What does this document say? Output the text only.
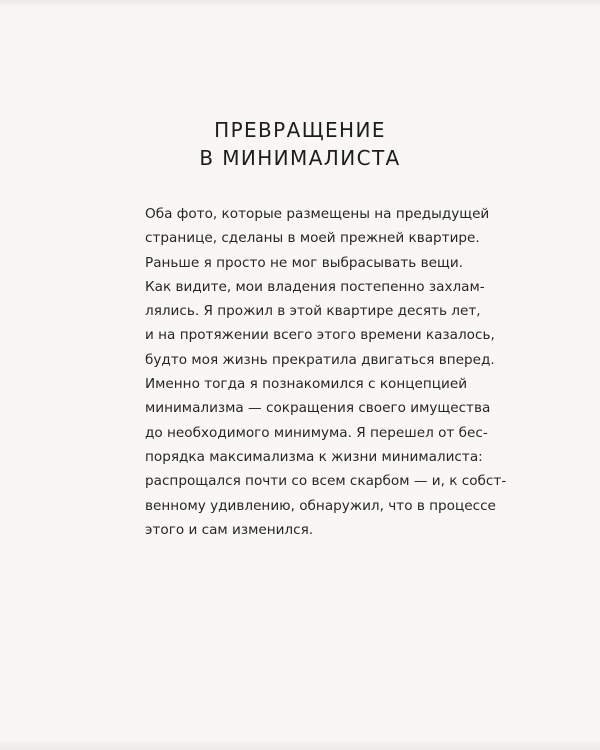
ПРЕВРАЩЕНИЕ
В МИНИМАЛИСТА
Оба фото, которые размещены на предыдущей
странице, сделаны в моей прежней квартире.
Раньше я просто не мог выбрасывать вещи.
Как видите, мои владения постепенно захлам-
лялись. Я прожил в этой квартире десять лет,
и на протяжении всего этого времени казалось,
будто моя жизнь прекратила двигаться вперед.
Именно тогда я познакомился с концепцией
минимализма — сокращения своего имущества
до необходимого минимума. Я перешел от бес-
порядка максимализма к жизни минималиста:
распрощался почти со всем скарбом — и, к собст-
венному удивлению, обнаружил, что в процессе
этого и сам изменился.
